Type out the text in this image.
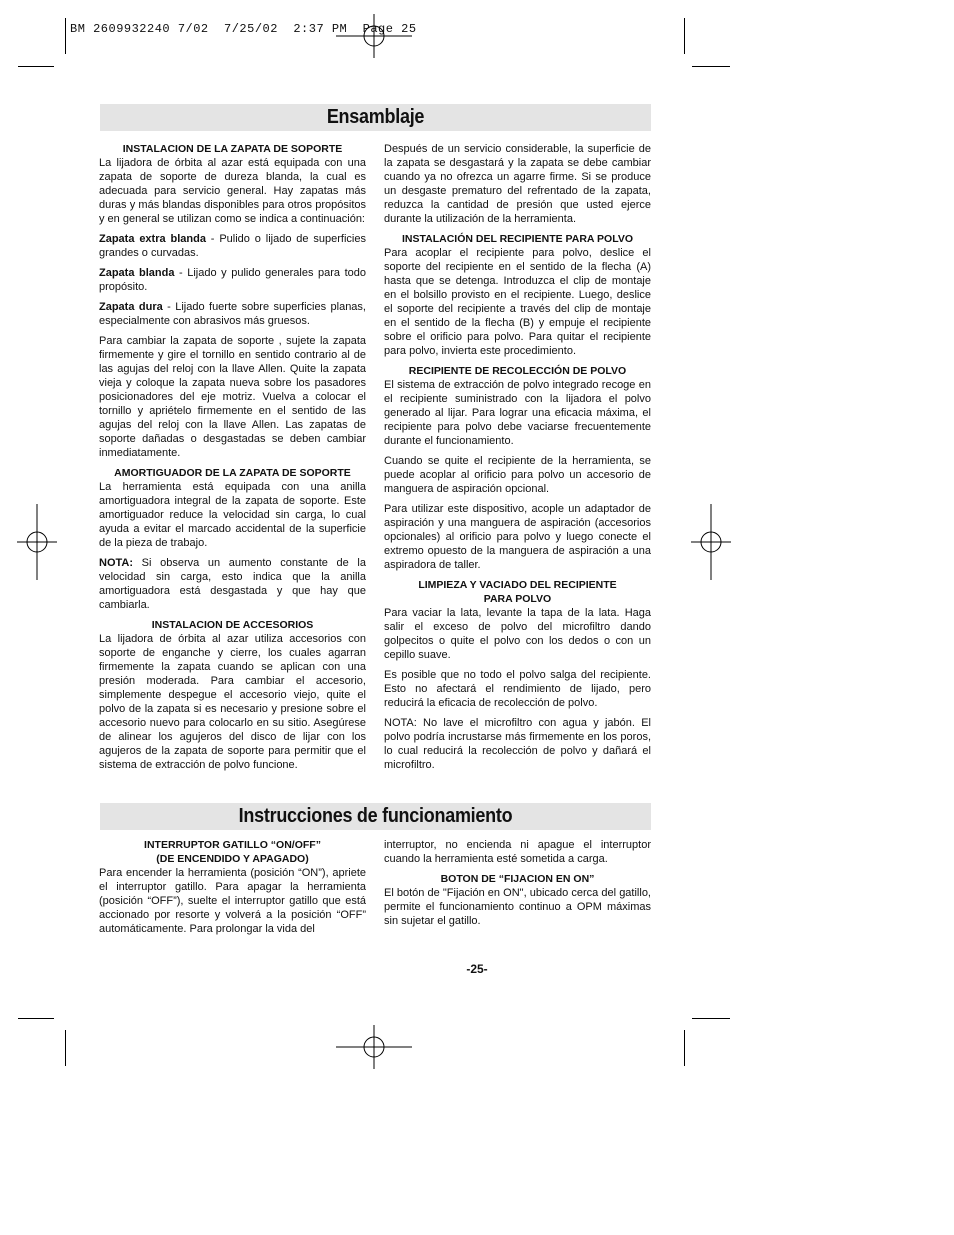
BM 2609932240 7/02  7/25/02  2:37 PM  Page 25
Ensamblaje
INSTALACION DE LA ZAPATA DE SOPORTE

La lijadora de órbita al azar está equipada con una zapata de soporte de dureza blanda, la cual es adecuada para servicio general. Hay zapatas más duras y más blandas disponibles para otros propósitos y en general se utilizan como se indica a continuación:

Zapata extra blanda - Pulido o lijado de superficies grandes o curvadas.

Zapata blanda - Lijado y pulido generales para todo propósito.

Zapata dura - Lijado fuerte sobre superficies planas, especialmente con abrasivos más gruesos.

Para cambiar la zapata de soporte , sujete la zapata firmemente y gire el tornillo en sentido contrario al de las agujas del reloj con la llave Allen. Quite la zapata vieja y coloque la zapata nueva sobre los pasadores posicionadores del eje motriz. Vuelva a colocar el tornillo y apriételo firmemente en el sentido de las agujas del reloj con la llave Allen. Las zapatas de soporte dañadas o desgastadas se deben cambiar inmediatamente.

AMORTIGUADOR DE LA ZAPATA DE SOPORTE

La herramienta está equipada con una anilla amortiguadora integral de la zapata de soporte. Este amortiguador reduce la velocidad sin carga, lo cual ayuda a evitar el marcado accidental de la superficie de la pieza de trabajo.

NOTA: Si observa un aumento constante de la velocidad sin carga, esto indica que la anilla amortiguadora está desgastada y que hay que cambiarla.

INSTALACION DE ACCESORIOS

La lijadora de órbita al azar utiliza accesorios con soporte de enganche y cierre, los cuales agarran firmemente la zapata cuando se aplican con una presión moderada. Para cambiar el accesorio, simplemente despegue el accesorio viejo, quite el polvo de la zapata si es necesario y presione sobre el accesorio nuevo para colocarlo en su sitio. Asegúrese de alinear los agujeros del disco de lijar con los agujeros de la zapata de soporte para permitir que el sistema de extracción de polvo funcione.

Después de un servicio considerable, la superficie de la zapata se desgastará y la zapata se debe cambiar cuando ya no ofrezca un agarre firme. Si se produce un desgaste prematuro del refrentado de la zapata, reduzca la cantidad de presión que usted ejerce durante la utilización de la herramienta.

INSTALACIÓN DEL RECIPIENTE PARA POLVO

Para acoplar el recipiente para polvo, deslice el soporte del recipiente en el sentido de la flecha (A) hasta que se detenga. Introduzca el clip de montaje en el bolsillo provisto en el recipiente. Luego, deslice el soporte del recipiente a través del clip de montaje en el sentido de la flecha (B) y empuje el recipiente sobre el orificio para polvo. Para quitar el recipiente para polvo, invierta este procedimiento.

RECIPIENTE DE RECOLECCIÓN DE POLVO

El sistema de extracción de polvo integrado recoge en el recipiente suministrado con la lijadora el polvo generado al lijar. Para lograr una eficacia máxima, el recipiente para polvo debe vaciarse frecuentemente durante el funcionamiento.

Cuando se quite el recipiente de la herramienta, se puede acoplar al orificio para polvo un accesorio de manguera de aspiración opcional.

Para utilizar este dispositivo, acople un adaptador de aspiración y una manguera de aspiración (accesorios opcionales) al orificio para polvo y luego conecte el extremo opuesto de la manguera de aspiración a una aspiradora de taller.

LIMPIEZA Y VACIADO DEL RECIPIENTE
PARA POLVO

Para vaciar la lata, levante la tapa de la lata. Haga salir el exceso de polvo del microfiltro dando golpecitos o quite el polvo con los dedos o con un cepillo suave.

Es posible que no todo el polvo salga del recipiente. Esto no afectará el rendimiento de lijado, pero reducirá la eficacia de recolección de polvo.

NOTA: No lave el microfiltro con agua y jabón. El polvo podría incrustarse más firmemente en los poros, lo cual reducirá la recolección de polvo y dañará el microfiltro.

Instrucciones de funcionamiento
INTERRUPTOR GATILLO “ON/OFF”
(DE ENCENDIDO Y APAGADO)

Para encender la herramienta (posición “ON”), apriete el interruptor gatillo. Para apagar la herramienta (posición “OFF”), suelte el interruptor gatillo que está accionado por resorte y volverá a la posición “OFF” automáticamente. Para prolongar la vida del

interruptor, no encienda ni apague el interruptor cuando la herramienta esté sometida a carga.

BOTON DE “FIJACION EN ON”

El botón de "Fijación en ON", ubicado cerca del gatillo, permite el funcionamiento continuo a OPM máximas sin sujetar el gatillo.

-25-
